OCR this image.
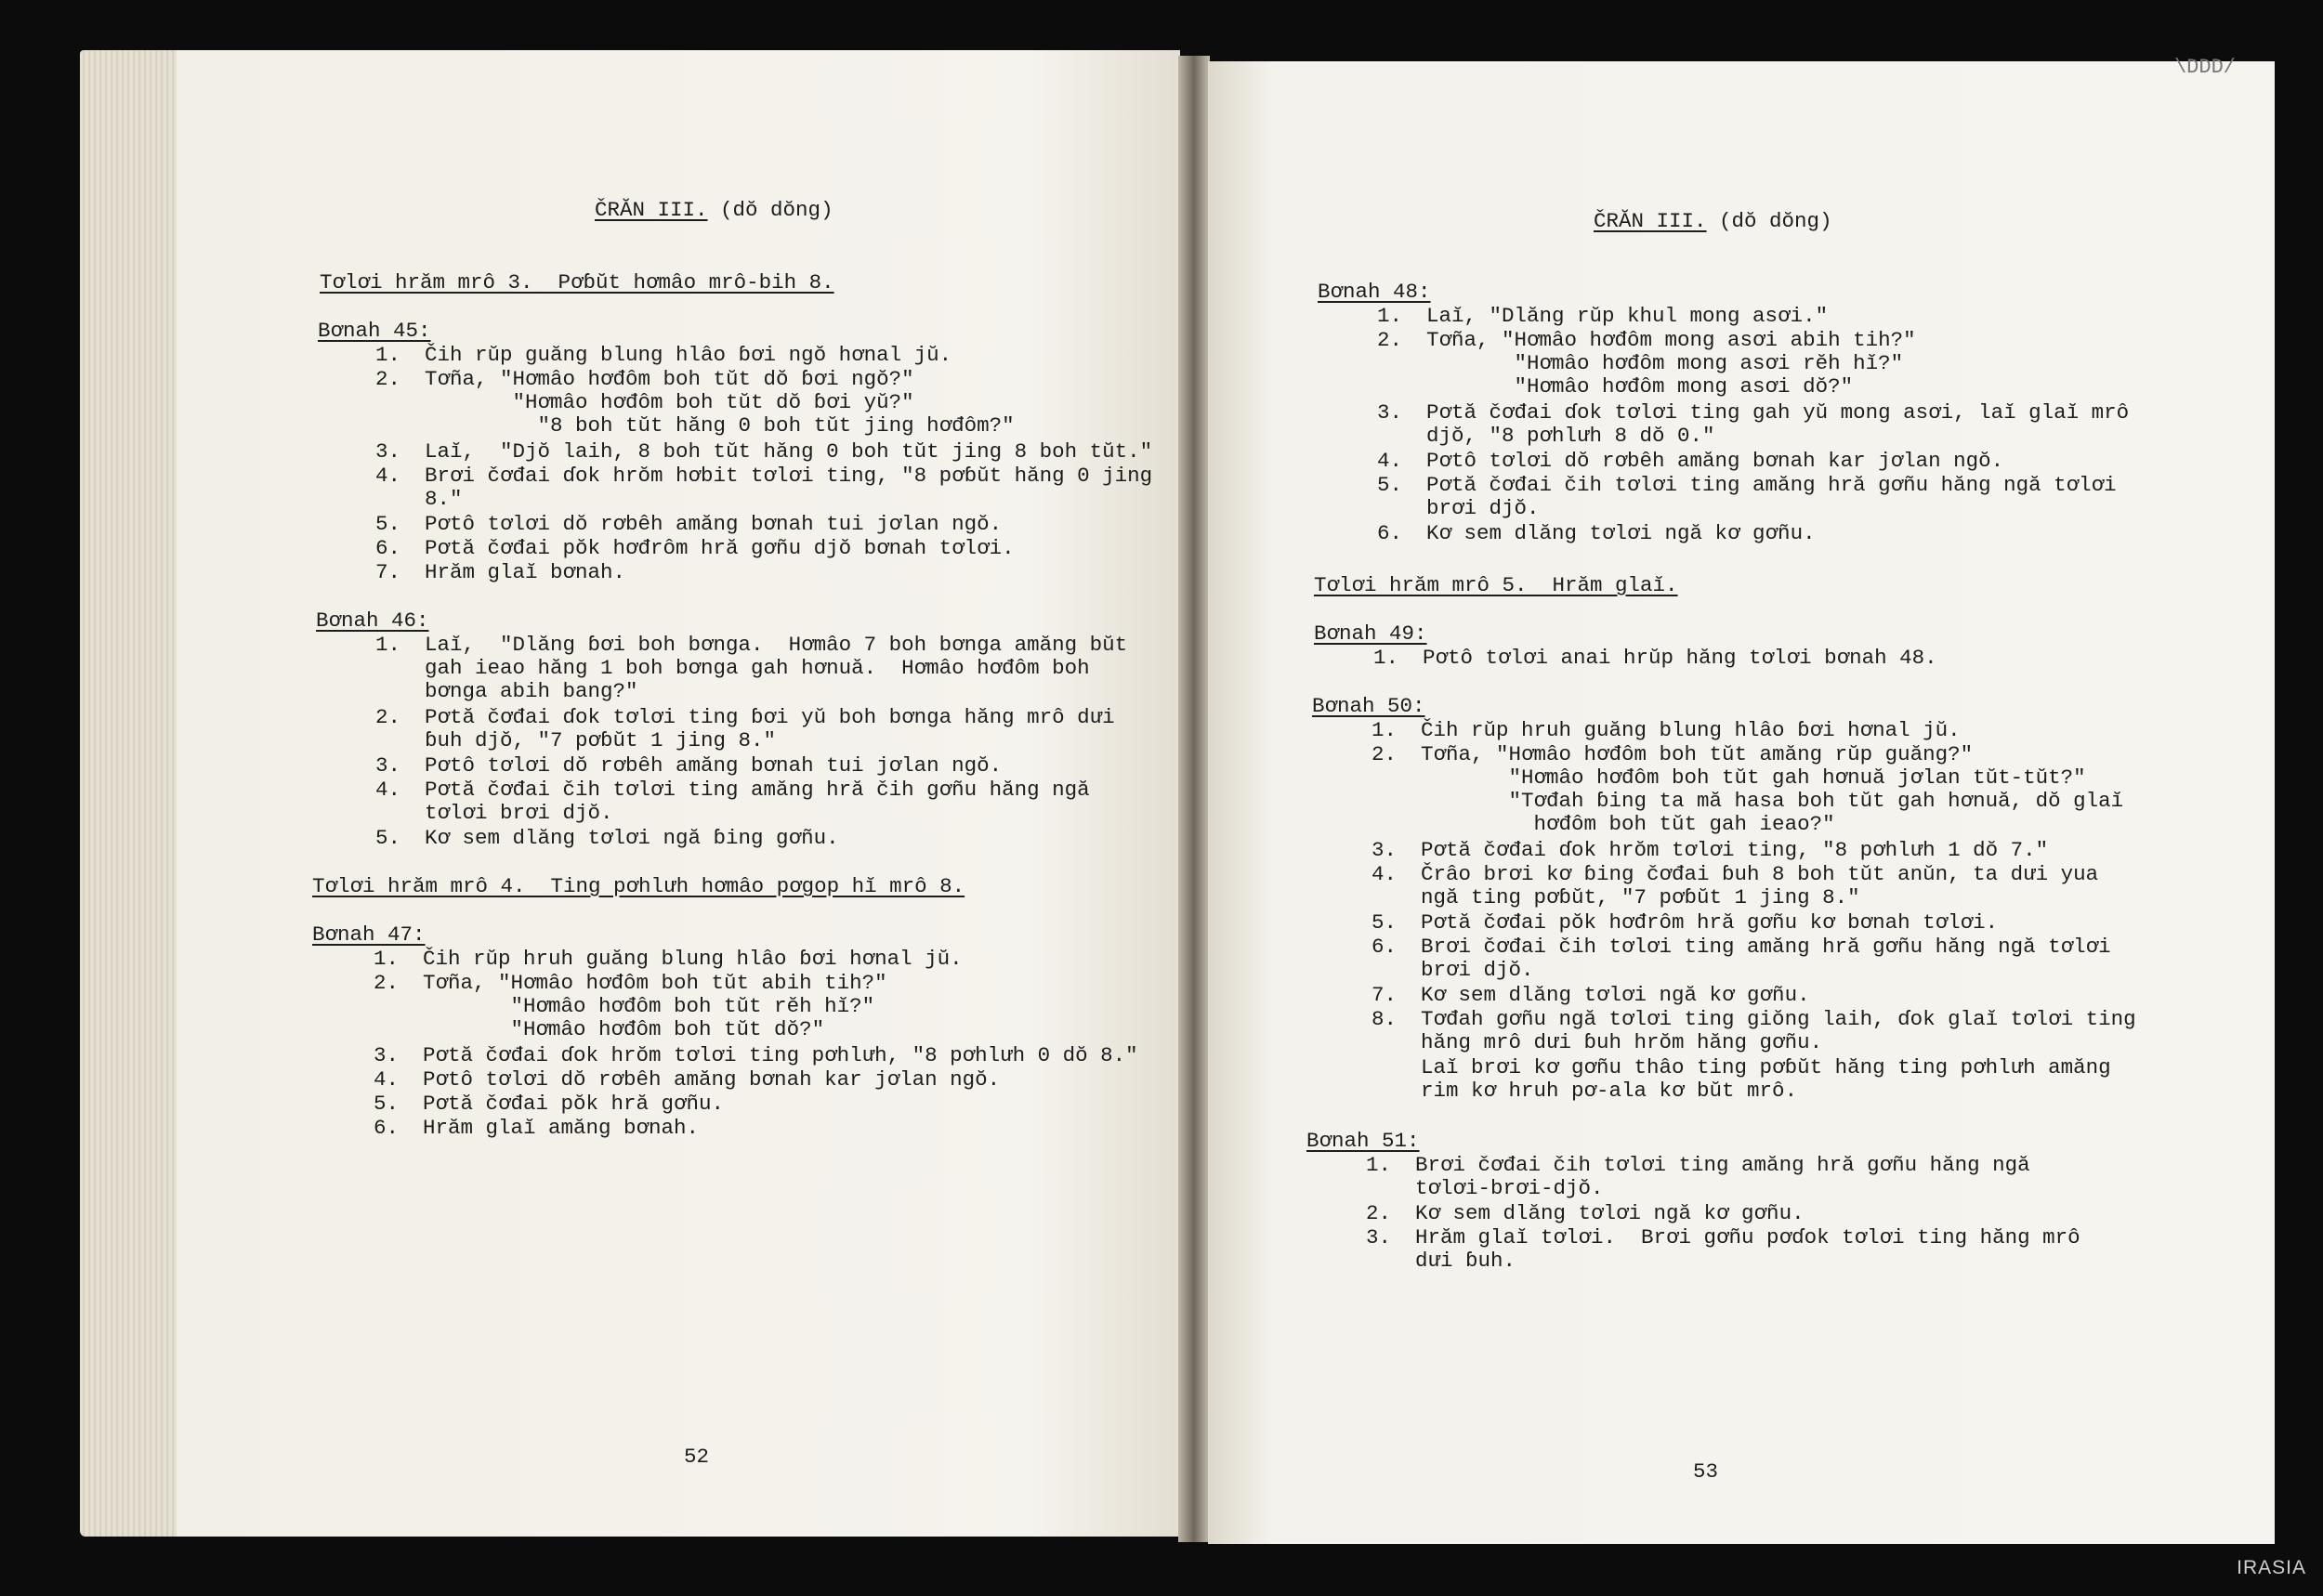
ČRĂN III. (dŏ dŏng)
Tơlơi hrăm mrô 3.  Pơɓŭt hơmâo mrô-bih 8.
Bơnah 45:
1. Čih rŭp guăng blung hlâo ɓơi ngŏ hơnal jŭ.
2. Tơña, "Hơmâo hơđôm boh tŭt dŏ ɓơi ngŏ?"
"Hơmâo hơđôm boh tŭt dŏ ɓơi yŭ?"
"8 boh tŭt hăng 0 boh tŭt jing hơđôm?"
3. Laĭ,  "Djŏ laih, 8 boh tŭt hăng 0 boh tŭt jing 8 boh tŭt."
4. Brơi čơđai ɗok hrŏm hơbit tơlơi ting, "8 pơɓŭt hăng 0 jing
8."
5. Pơtô tơlơi dŏ rơbêh amăng bơnah tui jơlan ngŏ.
6. Pơtă čơđai pŏk hơđrôm hră gơñu djŏ bơnah tơlơi.
7. Hrăm glaĭ bơnah.
Bơnah 46:
1. Laĭ,  "Dlăng ɓơi boh bơnga.  Hơmâo 7 boh bơnga amăng bŭt
gah ieao hăng 1 boh bơnga gah hơnuă.  Hơmâo hơđôm boh
bơnga abih bang?"
2. Pơtă čơđai ɗok tơlơi ting ɓơi yŭ boh bơnga hăng mrô dưi
ɓuh djŏ, "7 pơɓŭt 1 jing 8."
3. Pơtô tơlơi dŏ rơbêh amăng bơnah tui jơlan ngŏ.
4. Pơtă čơđai čih tơlơi ting amăng hră čih gơñu hăng ngă
tơlơi brơi djŏ.
5. Kơ sem dlăng tơlơi ngă ɓing gơñu.
Tơlơi hrăm mrô 4.  Ting pơhlưh hơmâo pơgop hĭ mrô 8.
Bơnah 47:
1. Čih rŭp hruh guăng blung hlâo ɓơi hơnal jŭ.
2. Tơña, "Hơmâo hơđôm boh tŭt abih tih?"
"Hơmâo hơđôm boh tŭt rĕh hĭ?"
"Hơmâo hơđôm boh tŭt dŏ?"
3. Pơtă čơđai ɗok hrŏm tơlơi ting pơhlưh, "8 pơhlưh 0 dŏ 8."
4. Pơtô tơlơi dŏ rơbêh amăng bơnah kar jơlan ngŏ.
5. Pơtă čơđai pŏk hră gơñu.
6. Hrăm glaĭ amăng bơnah.
52
\DDD/
ČRĂN III. (dŏ dŏng)
Bơnah 48:
1. Laĭ, "Dlăng rŭp khul mong asơi."
2. Tơña, "Hơmâo hơđôm mong asơi abih tih?"
"Hơmâo hơđôm mong asơi rĕh hĭ?"
"Hơmâo hơđôm mong asơi dŏ?"
3. Pơtă čơđai ɗok tơlơi ting gah yŭ mong asơi, laĭ glaĭ mrô
djŏ, "8 pơhlưh 8 dŏ 0."
4. Pơtô tơlơi dŏ rơbêh amăng bơnah kar jơlan ngŏ.
5. Pơtă čơđai čih tơlơi ting amăng hră gơñu hăng ngă tơlơi
brơi djŏ.
6. Kơ sem dlăng tơlơi ngă kơ gơñu.
Tơlơi hrăm mrô 5.  Hrăm glaĭ.
Bơnah 49:
1. Pơtô tơlơi anai hrŭp hăng tơlơi bơnah 48.
Bơnah 50:
1. Čih rŭp hruh guăng blung hlâo ɓơi hơnal jŭ.
2. Tơña, "Hơmâo hơđôm boh tŭt amăng rŭp guăng?"
"Hơmâo hơđôm boh tŭt gah hơnuă jơlan tŭt-tŭt?"
"Tơđah ɓing ta mă hasa boh tŭt gah hơnuă, dŏ glaĭ
hơđôm boh tŭt gah ieao?"
3. Pơtă čơđai ɗok hrŏm tơlơi ting, "8 pơhlưh 1 dŏ 7."
4. Črâo brơi kơ ɓing čơđai ɓuh 8 boh tŭt anŭn, ta dưi yua
ngă ting pơɓŭt, "7 pơɓŭt 1 jing 8."
5. Pơtă čơđai pŏk hơđrôm hră gơñu kơ bơnah tơlơi.
6. Brơi čơđai čih tơlơi ting amăng hră gơñu hăng ngă tơlơi
brơi djŏ.
7. Kơ sem dlăng tơlơi ngă kơ gơñu.
8. Tơđah gơñu ngă tơlơi ting giŏng laih, ɗok glaĭ tơlơi ting
hăng mrô dưi ɓuh hrŏm hăng gơñu.
Laĭ brơi kơ gơñu thâo ting pơɓŭt hăng ting pơhlưh amăng
rim kơ hruh pơ-ala kơ bŭt mrô.
Bơnah 51:
1. Brơi čơđai čih tơlơi ting amăng hră gơñu hăng ngă
tơlơi-brơi-djŏ.
2. Kơ sem dlăng tơlơi ngă kơ gơñu.
3. Hrăm glaĭ tơlơi.  Brơi gơñu pơɗok tơlơi ting hăng mrô
dưi ɓuh.
53
IRASIA
